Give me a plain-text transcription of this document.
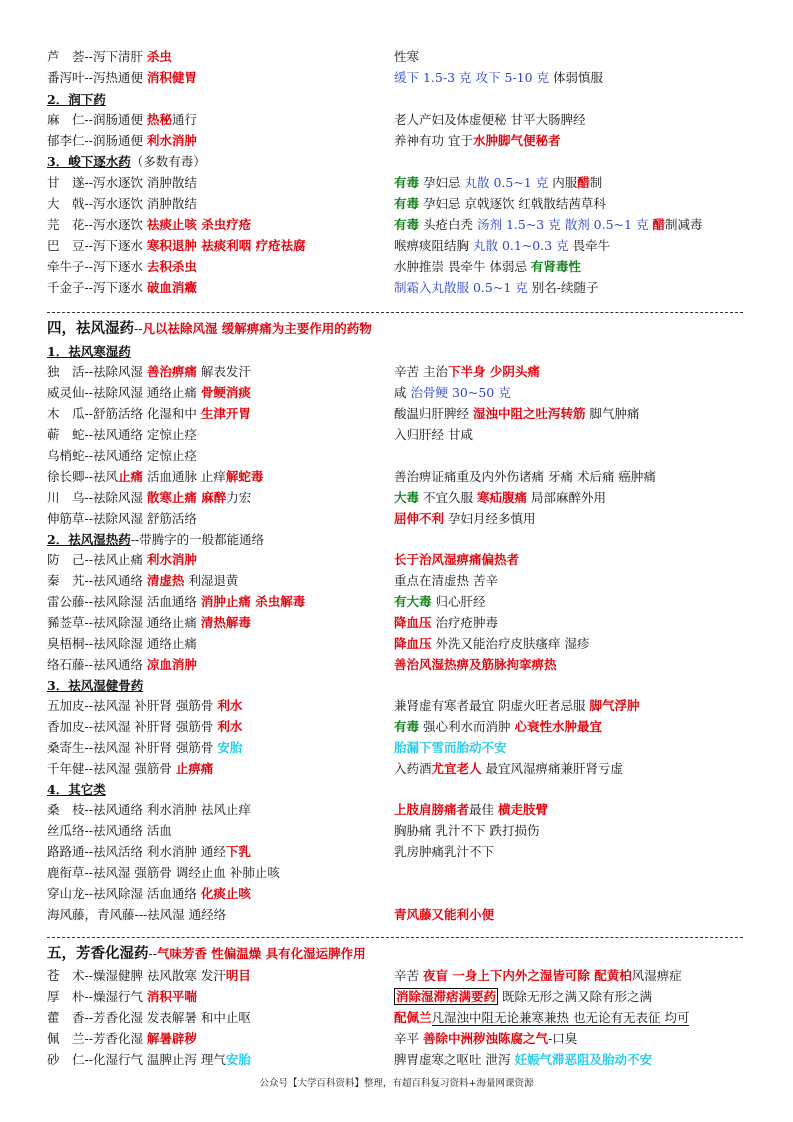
公众号【大学百科资料】整理，有超百科复习资料+海量网课资源
芦　荟--泻下清肝 杀虫	性寒
番泻叶--泻热通便 消积健胃	缓下 1.5-3 克 攻下 5-10 克 体弱慎服
2．润下药
麻　仁--润肠通便 热秘通行	老人产妇及体虚便秘 甘平大肠脾经
郁李仁--润肠通便 利水消肿	养神有功 宜于水肿脚气便秘者
3．峻下逐水药（多数有毒）
甘　遂--泻水逐饮 消肿散结	有毒 孕妇忌 丸散 0.5~1 克 内服醋制
大　戟--泻水逐饮 消肿散结	有毒 孕妇忌 京戟逐饮 红戟散结茜草科
芫　花--泻水逐饮 祛痰止咳 杀虫疗疮	有毒 头疮白秃 汤剂 1.5~3 克 散剂 0.5~1 克 醋制减毒
巴　豆--泻下逐水 寒积退肿 祛痰利咽 疗疮祛腐	喉痹痰阻结胸 丸散 0.1~0.3 克 畏牵牛
牵牛子--泻下逐水 去积杀虫	水肿推崇 畏牵牛 体弱忌 有肾毒性
千金子--泻下逐水 破血消癥	制霜入丸散服 0.5~1 克 别名-续随子
四，祛风湿药--凡以祛除风湿 缓解痹痛为主要作用的药物
1．祛风寒湿药
独　活--祛除风湿 善治痹痛 解表发汗	辛苦 主治下半身 少阴头痛
威灵仙--祛除风湿 通络止痛 骨鲠消痰	咸 治骨鲠 30~50 克
木　瓜--舒筋活络 化湿和中 生津开胃	酸温归肝脾经 湿浊中阻之吐泻转筋 脚气肿痛
蕲　蛇--祛风通络 定惊止痉	入归肝经 甘咸
乌梢蛇--祛风通络 定惊止痉
徐长卿--祛风止痛 活血通脉 止痒解蛇毒	善治痹证痛重及内外伤诸痛 牙痛 术后痛 癌肿痛
川　乌--祛除风湿 散寒止痛 麻醉力宏	大毒 不宜久服 寒疝腹痛 局部麻醉外用
伸筋草--祛除风湿 舒筋活络	屈伸不利 孕妇月经多慎用
2．祛风湿热药--带腾字的一般都能通络
防　己--祛风止痛 利水消肿	长于治风湿痹痛偏热者
秦　艽--祛风通络 清虚热 利湿退黄	重点在清虚热 苦辛
雷公藤--祛风除湿 活血通络 消肿止痛 杀虫解毒	有大毒 归心肝经
豨莶草--祛风除湿 通络止痛 清热解毒	降血压 治疗疮肿毒
臭梧桐--祛风除湿 通络止痛	降血压 外洗又能治疗皮肤瘙痒 湿疹
络石藤--祛风通络 凉血消肿	善治风湿热痹及筋脉拘挛痹热
3．祛风湿健骨药
五加皮--祛风湿 补肝肾 强筋骨 利水	兼肾虚有寒者最宜 阴虚火旺者忌服 脚气浮肿
香加皮--祛风湿 补肝肾 强筋骨 利水	有毒 强心利水而消肿 心衰性水肿最宜
桑寄生--祛风湿 补肝肾 强筋骨 安胎	胎漏下雪而胎动不安
千年健--祛风湿 强筋骨 止痹痛	入药酒尤宜老人 最宜风湿痹痛兼肝肾亏虚
4．其它类
桑　枝--祛风通络 利水消肿 祛风止痒	上肢肩膀痛者最佳 横走肢臂
丝瓜络--祛风通络 活血	胸胁痛 乳汁不下 跌打损伤
路路通--祛风活络 利水消肿 通经下乳	乳房肿痛乳汁不下
鹿衔草--祛风湿 强筋骨 调经止血 补肺止咳
穿山龙--祛风除湿 活血通络 化痰止咳
海风藤，青风藤---祛风湿 通经络	青风藤又能利小便
五，芳香化湿药--气味芳香 性偏温燥 具有化湿运脾作用
苍　术--燥湿健脾 祛风散寒 发汗明目	辛苦 夜盲 一身上下内外之湿皆可除 配黄柏风湿痹症
厚　朴--燥湿行气 消积平喘	消除湿滞痞满要药 既除无形之满又除有形之满
藿　香--芳香化湿 发表解暑 和中止呕	配佩兰凡湿浊中阻无论兼寒兼热 也无论有无表征 均可
佩　兰--芳香化湿 解暑辟秽	辛平 善除中洲秽浊陈腐之气-口臭
砂　仁--化湿行气 温脾止泻 理气安胎	脾胃虚寒之呕吐 泄泻 妊娠气滞恶阻及胎动不安
